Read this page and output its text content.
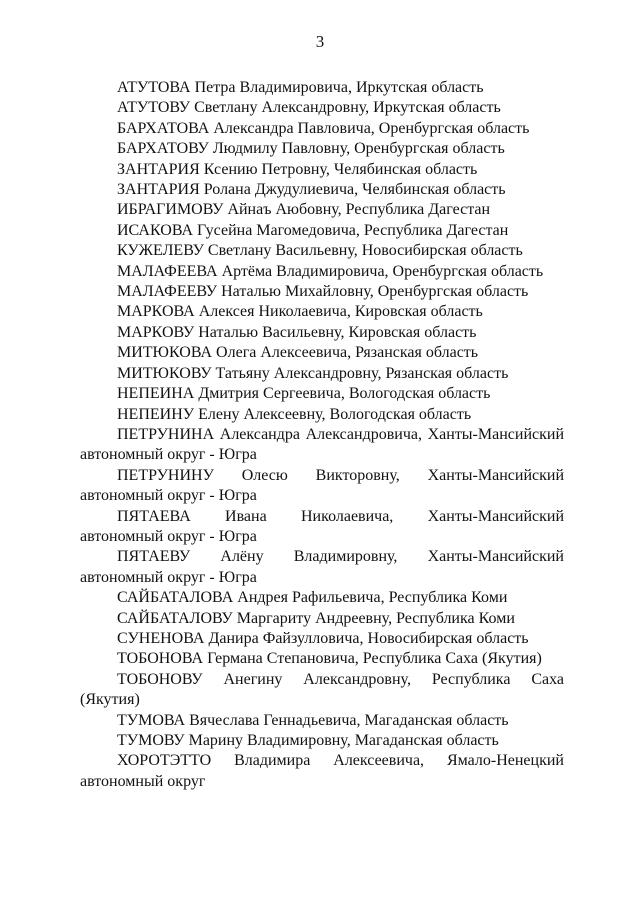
3

АТУТОВА Петра Владимировича, Иркутская область

АТУТОВУ Светлану Александровну, Иркутская область

БАРХАТОВА Александра Павловича, Оренбургская область

БАРХАТОВУ Людмилу Павловну, Оренбургская область

ЗАНТАРИЯ Ксению Петровну, Челябинская область

ЗАНТАРИЯ Ролана Джудулиевича, Челябинская область

ИБРАГИМОВУ Айнаъ Аюбовну, Республика Дагестан

ИСАКОВА Гусейна Магомедовича, Республика Дагестан

КУЖЕЛЕВУ Светлану Васильевну, Новосибирская область

МАЛАФЕЕВА Артёма Владимировича, Оренбургская область

МАЛАФЕЕВУ Наталью Михайловну, Оренбургская область

МАРКОВА Алексея Николаевича, Кировская область

МАРКОВУ Наталью Васильевну, Кировская область

МИТЮКОВА Олега Алексеевича, Рязанская область

МИТЮКОВУ Татьяну Александровну, Рязанская область

НЕПЕИНА Дмитрия Сергеевича, Вологодская область

НЕПЕИНУ Елену Алексеевну, Вологодская область

ПЕТРУНИНА Александра Александровича, Ханты-Мансийский
автономный округ - Югра
ПЕТРУНИНУ Олесю Викторовну, Ханты-Мансийский
автономный округ - Югра
ПЯТАЕВА Ивана Николаевича, Ханты-Мансийский
автономный округ - Югра
ПЯТАЕВУ Алёну Владимировну, Ханты-Мансийский
автономный округ - Югра

САЙБАТАЛОВА Андрея Рафильевича, Республика Коми

САЙБАТАЛОВУ Маргариту Андреевну, Республика Коми

СУНЕНОВА Данира Файзулловича, Новосибирская область

ТОБОНОВА Германа Степановича, Республика Саха (Якутия)

ТОБОНОВУ Анегину Александровну, Республика Саха
(Якутия)

ТУМОВА Вячеслава Геннадьевича, Магаданская область

ТУМОВУ Марину Владимировну, Магаданская область

ХОРОТЭТТО Владимира Алексеевича, Ямало-Ненецкий
автономный округ
